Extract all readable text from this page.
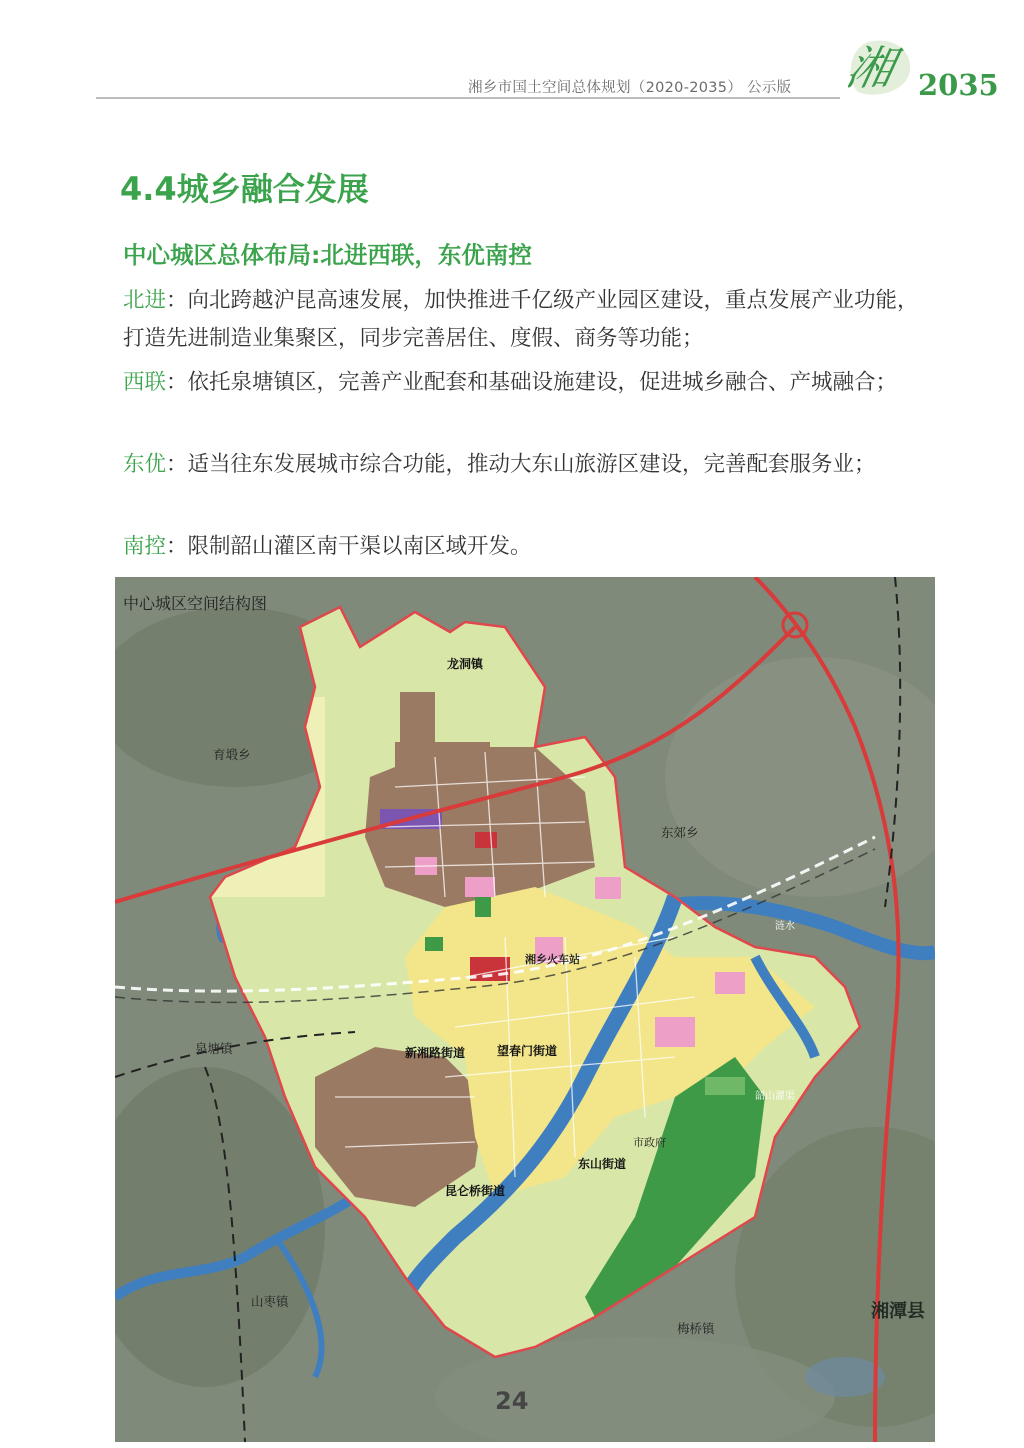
湘乡市国土空间总体规划（2020-2035） 公示版 湘 2035
4.4城乡融合发展
中心城区总体布局:北进西联，东优南控
北进：向北跨越沪昆高速发展，加快推进千亿级产业园区建设，重点发展产业功能，打造先进制造业集聚区，同步完善居住、度假、商务等功能；
西联：依托泉塘镇区，完善产业配套和基础设施建设，促进城乡融合、产城融合；
东优：适当往东发展城市综合功能，推动大东山旅游区建设，完善配套服务业；
南控：限制韶山灌区南干渠以南区域开发。
中心城区空间结构图
育塅乡
泉塘镇
东郊乡
山枣镇
梅桥镇
湘潭县
龙洞镇
新湘路街道	望春门街道
东山街道
市政府
昆仑桥街道
韶山灌渠
涟水
湘乡火车站
24
